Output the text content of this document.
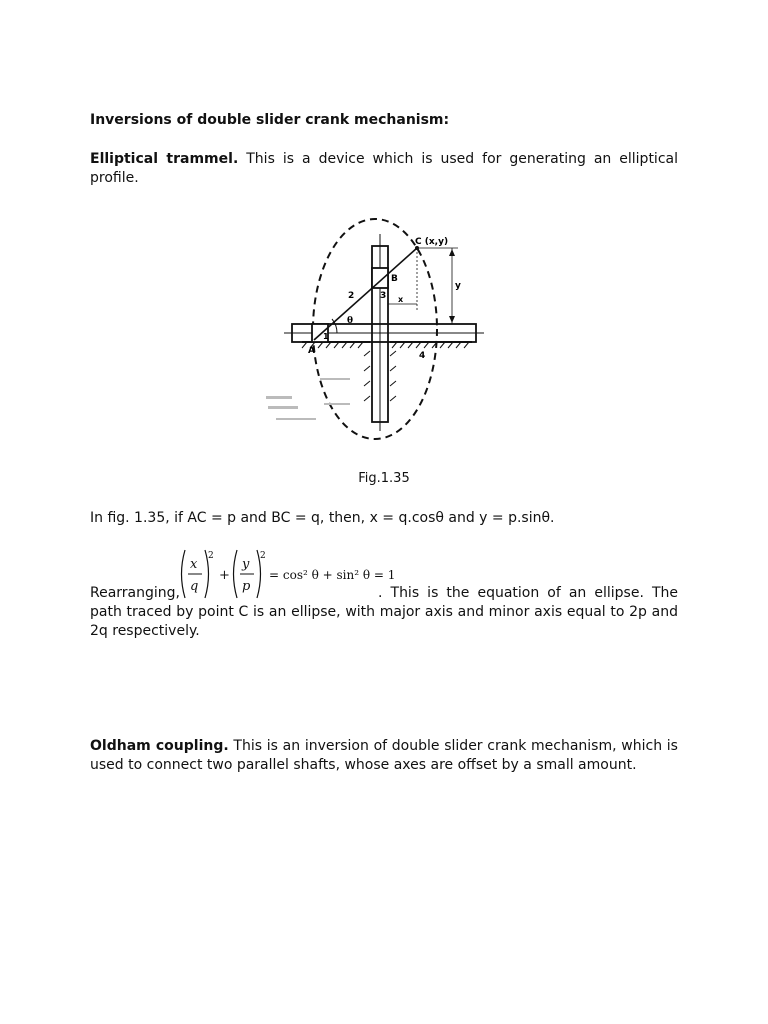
Inversions of double slider crank mechanism:
Elliptical trammel. This is a device which is used for generating an elliptical profile.
C (x,y)
B
A
1
2	3
4
x
y
θ
Fig.1.35
In fig. 1.35, if AC = p and BC = q, then, x = q.cosθ and y = p.sinθ.
x
q
2
+
y
p
2
= cos² θ + sin² θ = 1
Rearranging,	. This is the equation of an ellipse. The path traced by point C is an ellipse, with major axis and minor axis equal to 2p and 2q respectively.
Oldham coupling. This is an inversion of double slider crank mechanism, which is used to connect two parallel shafts, whose axes are offset by a small amount.
